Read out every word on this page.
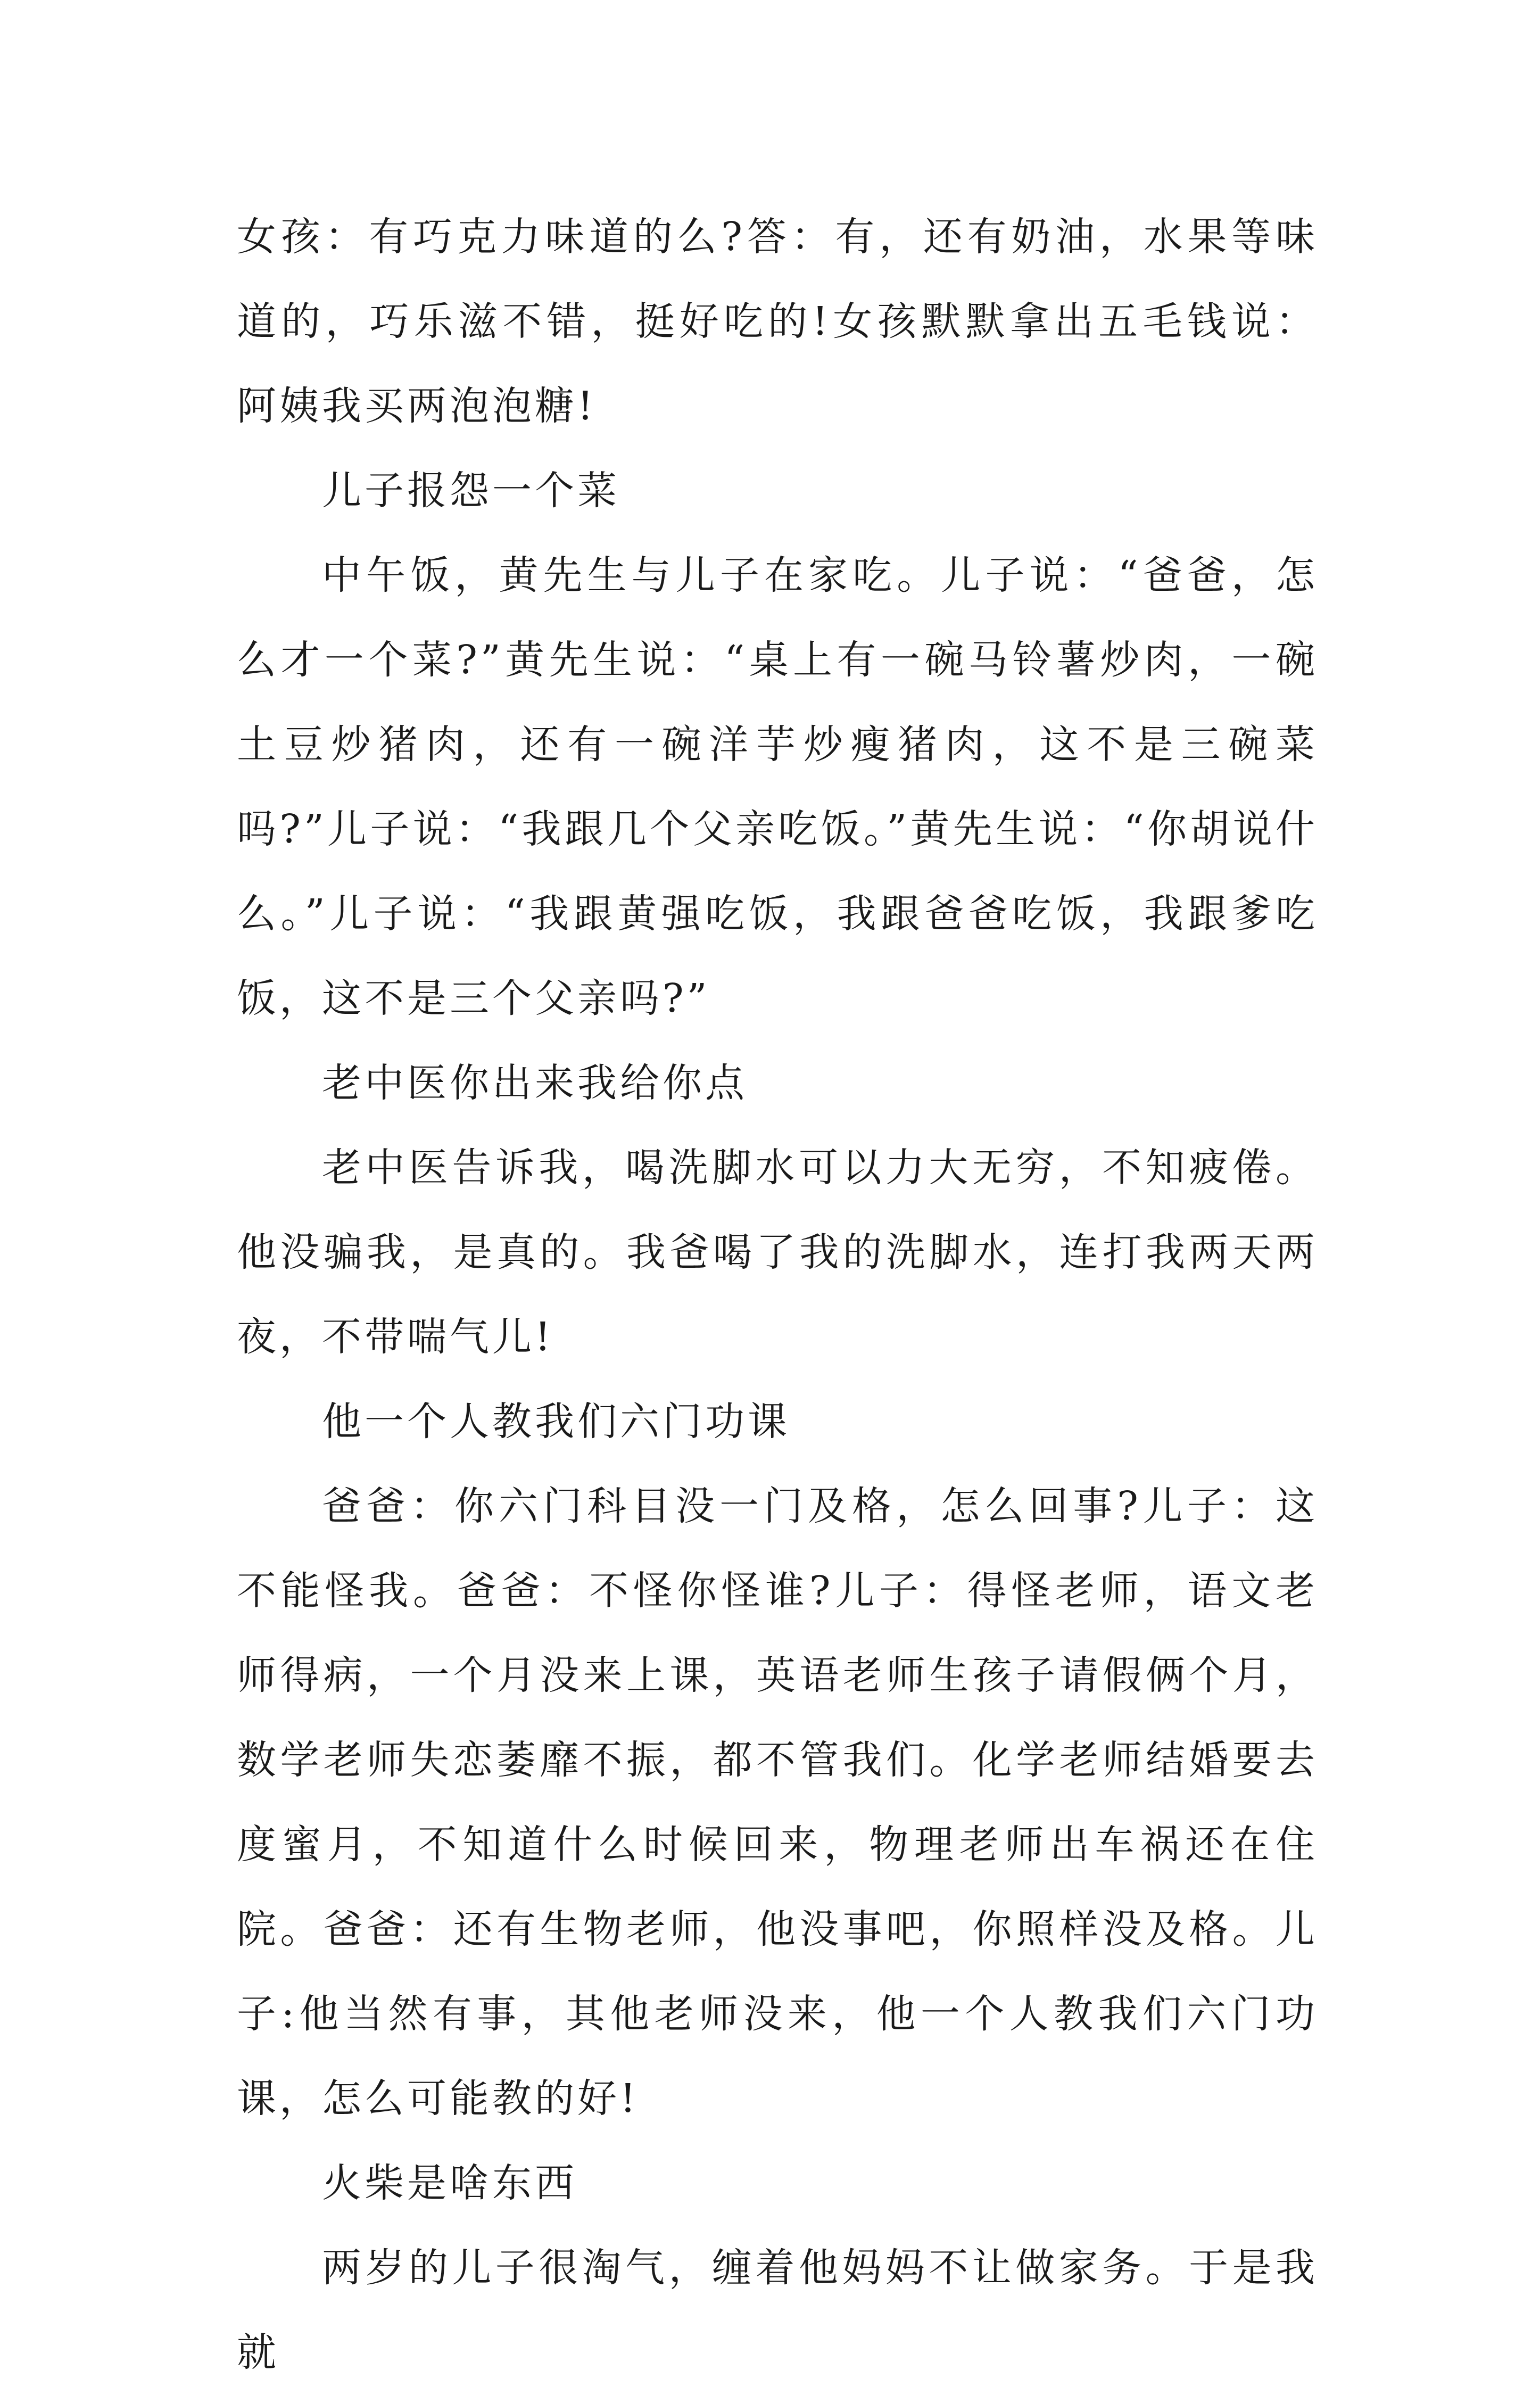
女孩：有巧克力味道的么?答：有，还有奶油，水果等味道的，巧乐滋不错，挺好吃的!女孩默默拿出五毛钱说：阿姨我买两泡泡糖!

儿子报怨一个菜

中午饭，黄先生与儿子在家吃。儿子说：“爸爸，怎么才一个菜?”黄先生说：“桌上有一碗马铃薯炒肉，一碗土豆炒猪肉，还有一碗洋芋炒瘦猪肉，这不是三碗菜吗?”儿子说：“我跟几个父亲吃饭。”黄先生说：“你胡说什么。”儿子说：“我跟黄强吃饭，我跟爸爸吃饭，我跟爹吃饭，这不是三个父亲吗?”

老中医你出来我给你点

老中医告诉我，喝洗脚水可以力大无穷，不知疲倦。他没骗我，是真的。我爸喝了我的洗脚水，连打我两天两夜，不带喘气儿!

他一个人教我们六门功课

爸爸：你六门科目没一门及格，怎么回事?儿子：这不能怪我。爸爸：不怪你怪谁?儿子：得怪老师，语文老师得病，一个月没来上课，英语老师生孩子请假俩个月，数学老师失恋萎靡不振，都不管我们。化学老师结婚要去度蜜月，不知道什么时候回来，物理老师出车祸还在住院。爸爸：还有生物老师，他没事吧，你照样没及格。儿子:他当然有事，其他老师没来，他一个人教我们六门功课，怎么可能教的好!

火柴是啥东西

两岁的儿子很淘气，缠着他妈妈不让做家务。于是我就
